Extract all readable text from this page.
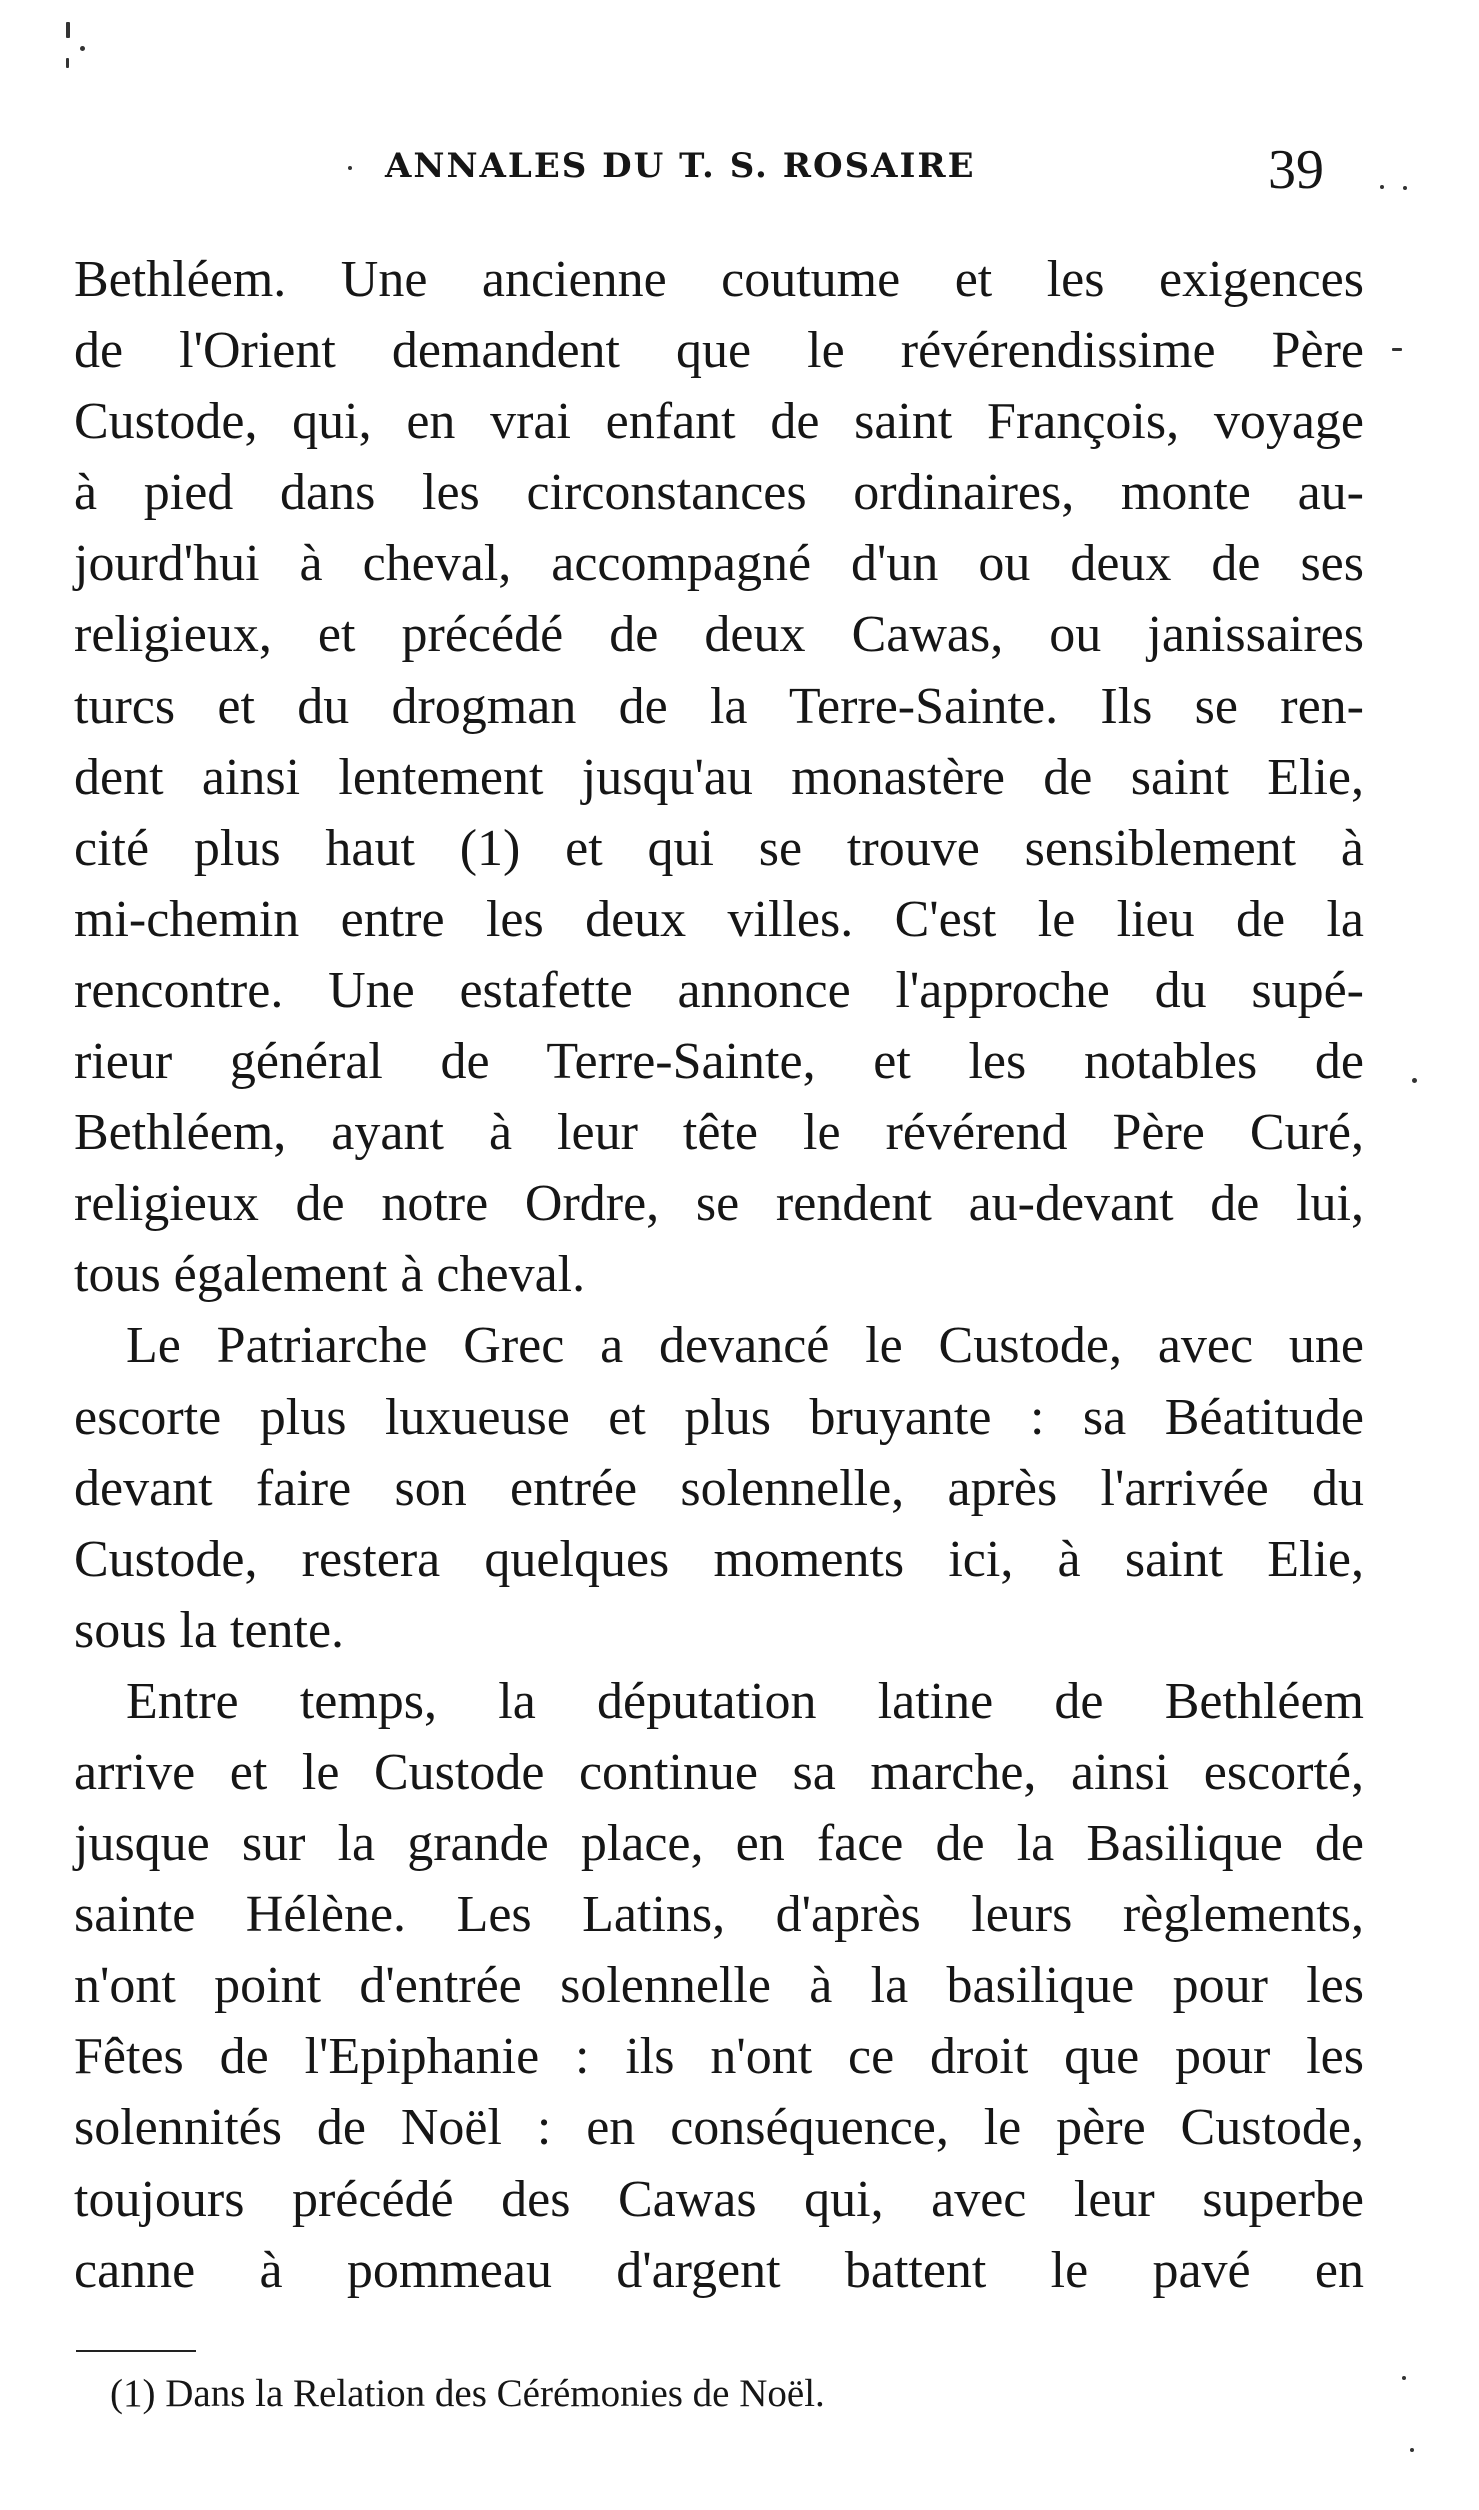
ANNALES DU T. S. ROSAIRE	39
Bethléem. Une ancienne coutume et les exigences
de l'Orient demandent que le révérendissime Père
Custode, qui, en vrai enfant de saint François, voyage
à pied dans les circonstances ordinaires, monte au-
jourd'hui à cheval, accompagné d'un ou deux de ses
religieux, et précédé de deux Cawas, ou janissaires
turcs et du drogman de la Terre-Sainte. Ils se ren-
dent ainsi lentement jusqu'au monastère de saint Elie,
cité plus haut (1) et qui se trouve sensiblement à
mi-chemin entre les deux villes. C'est le lieu de la
rencontre. Une estafette annonce l'approche du supé-
rieur général de Terre-Sainte, et les notables de
Bethléem, ayant à leur tête le révérend Père Curé,
religieux de notre Ordre, se rendent au-devant de lui,
tous également à cheval.
Le Patriarche Grec a devancé le Custode, avec une
escorte plus luxueuse et plus bruyante : sa Béatitude
devant faire son entrée solennelle, après l'arrivée du
Custode, restera quelques moments ici, à saint Elie,
sous la tente.
Entre temps, la députation latine de Bethléem
arrive et le Custode continue sa marche, ainsi escorté,
jusque sur la grande place, en face de la Basilique de
sainte Hélène. Les Latins, d'après leurs règlements,
n'ont point d'entrée solennelle à la basilique pour les
Fêtes de l'Epiphanie : ils n'ont ce droit que pour les
solennités de Noël : en conséquence, le père Custode,
toujours précédé des Cawas qui, avec leur superbe
canne à pommeau d'argent battent le pavé en
(1) Dans la Relation des Cérémonies de Noël.
